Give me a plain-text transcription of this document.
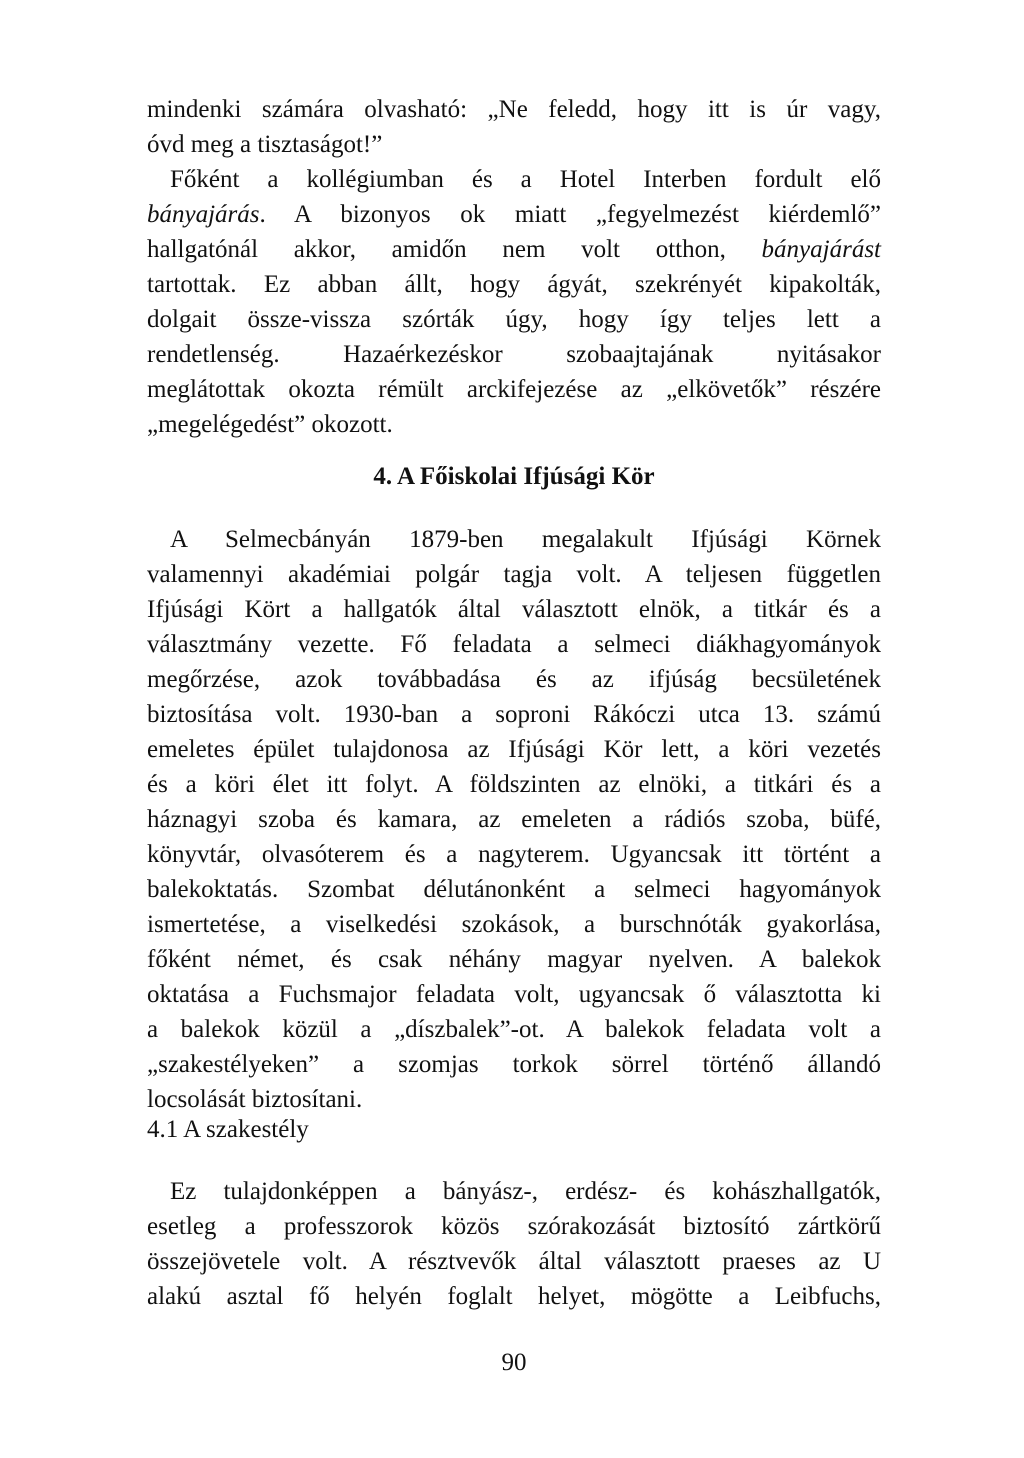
mindenki számára olvasható: „Ne feledd, hogy itt is úr vagy,
óvd meg a tisztaságot!”
Főként a kollégiumban és a Hotel Interben fordult elő
bányajárás. A bizonyos ok miatt „fegyelmezést kiérdemlő”
hallgatónál akkor, amidőn nem volt otthon, bányajárást
tartottak. Ez abban állt, hogy ágyát, szekrényét kipakolták,
dolgait össze-vissza szórták úgy, hogy így teljes lett a
rendetlenség. Hazaérkezéskor szobaajtajának nyitásakor
meglátottak okozta rémült arckifejezése az „elkövetők” részére
„megelégedést” okozott.
4. A Főiskolai Ifjúsági Kör
A Selmecbányán 1879-ben megalakult Ifjúsági Körnek
valamennyi akadémiai polgár tagja volt. A teljesen független
Ifjúsági Kört a hallgatók által választott elnök, a titkár és a
választmány vezette. Fő feladata a selmeci diákhagyományok
megőrzése, azok továbbadása és az ifjúság becsületének
biztosítása volt. 1930-ban a soproni Rákóczi utca 13. számú
emeletes épület tulajdonosa az Ifjúsági Kör lett, a köri vezetés
és a köri élet itt folyt. A földszinten az elnöki, a titkári és a
háznagyi szoba és kamara, az emeleten a rádiós szoba, büfé,
könyvtár, olvasóterem és a nagyterem. Ugyancsak itt történt a
balekoktatás. Szombat délutánonként a selmeci hagyományok
ismertetése, a viselkedési szokások, a burschnóták gyakorlása,
főként német, és csak néhány magyar nyelven. A balekok
oktatása a Fuchsmajor feladata volt, ugyancsak ő választotta ki
a balekok közül a „díszbalek”-ot. A balekok feladata volt a
„szakestélyeken” a szomjas torkok sörrel történő állandó
locsolását biztosítani.
4.1 A szakestély
Ez tulajdonképpen a bányász-, erdész- és kohászhallgatók,
esetleg a professzorok közös szórakozását biztosító zártkörű
összejövetele volt. A résztvevők által választott praeses az U
alakú asztal fő helyén foglalt helyet, mögötte a Leibfuchs,
90
